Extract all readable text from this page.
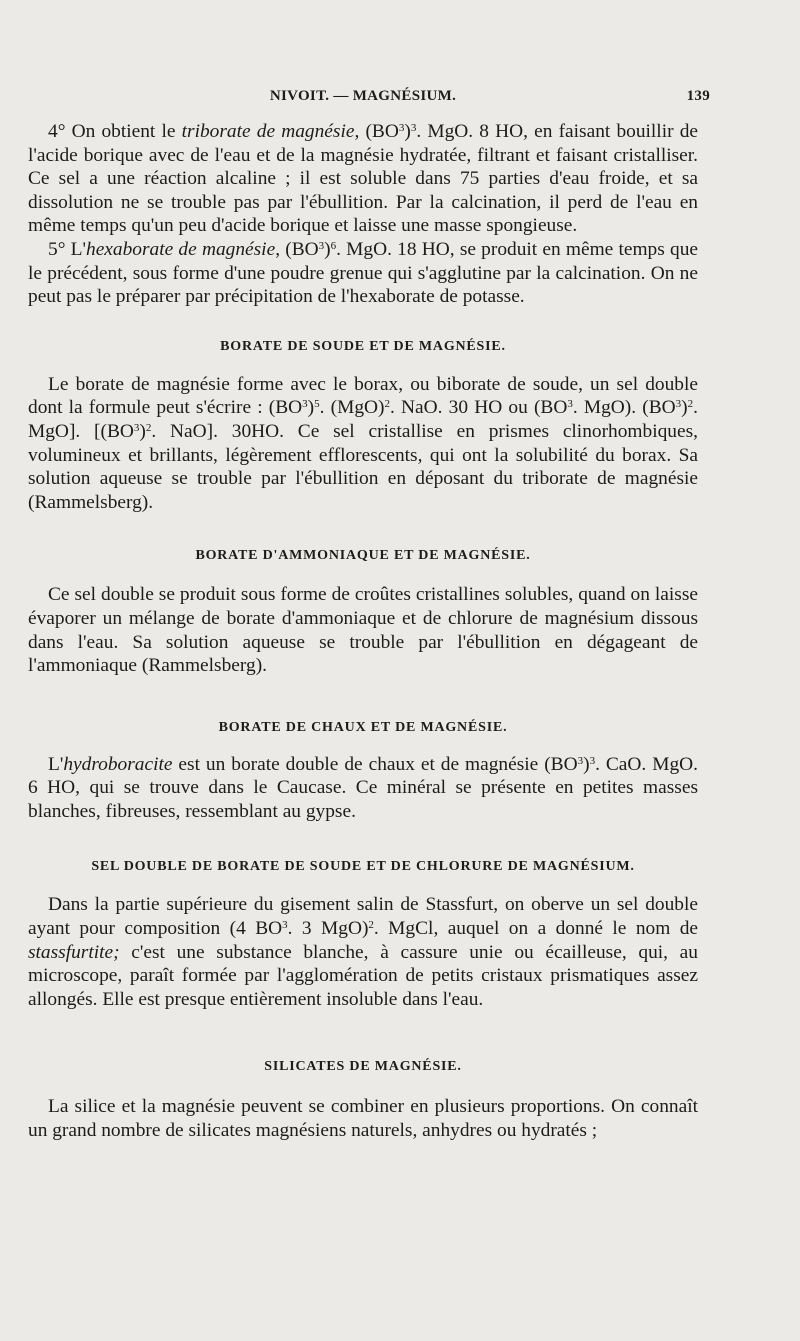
NIVOIT. — MAGNÉSIUM.	139

4° On obtient le triborate de magnésie, $(BO^3)^3$. MgO. 8 HO, en faisant bouillir de l'acide borique avec de l'eau et de la magnésie hydratée, filtrant et faisant cristalliser. Ce sel a une réaction alcaline ; il est soluble dans 75 parties d'eau froide, et sa dissolution ne se trouble pas par l'ébullition. Par la calcination, il perd de l'eau en même temps qu'un peu d'acide borique et laisse une masse spongieuse.

5° L'hexaborate de magnésie, $(BO^3)^6$. MgO. 18 HO, se produit en même temps que le précédent, sous forme d'une poudre grenue qui s'agglutine par la calcination. On ne peut pas le préparer par précipitation de l'hexaborate de potasse.

BORATE DE SOUDE ET DE MAGNÉSIE.

Le borate de magnésie forme avec le borax, ou biborate de soude, un sel double dont la formule peut s'écrire : $(BO^3)^5$. (MgO)$^2$. NaO. 30 HO ou ($BO^3$. MgO). $(BO^3)^2$. MgO]. [$(BO^3)^2$. NaO]. 30HO. Ce sel cristallise en prismes clinorhombiques, volumineux et brillants, légèrement efflorescents, qui ont la solubilité du borax. Sa solution aqueuse se trouble par l'ébullition en déposant du triborate de magnésie (Rammelsberg).

BORATE D'AMMONIAQUE ET DE MAGNÉSIE.

Ce sel double se produit sous forme de croûtes cristallines solubles, quand on laisse évaporer un mélange de borate d'ammoniaque et de chlorure de magnésium dissous dans l'eau. Sa solution aqueuse se trouble par l'ébullition en dégageant de l'ammoniaque (Rammelsberg).

BORATE DE CHAUX ET DE MAGNÉSIE.

L'hydroboracite est un borate double de chaux et de magnésie $(BO^3)^3$. CaO. MgO. 6 HO, qui se trouve dans le Caucase. Ce minéral se présente en petites masses blanches, fibreuses, ressemblant au gypse.

SEL DOUBLE DE BORATE DE SOUDE ET DE CHLORURE DE MAGNÉSIUM.

Dans la partie supérieure du gisement salin de Stassfurt, on oberve un sel double ayant pour composition (4 $BO^3$. 3 MgO)$^2$. MgCl, auquel on a donné le nom de stassfurtite; c'est une substance blanche, à cassure unie ou écailleuse, qui, au microscope, paraît formée par l'agglomération de petits cristaux prismatiques assez allongés. Elle est presque entièrement insoluble dans l'eau.

SILICATES DE MAGNÉSIE.

La silice et la magnésie peuvent se combiner en plusieurs proportions. On connaît un grand nombre de silicates magnésiens naturels, anhydres ou hydratés ;
